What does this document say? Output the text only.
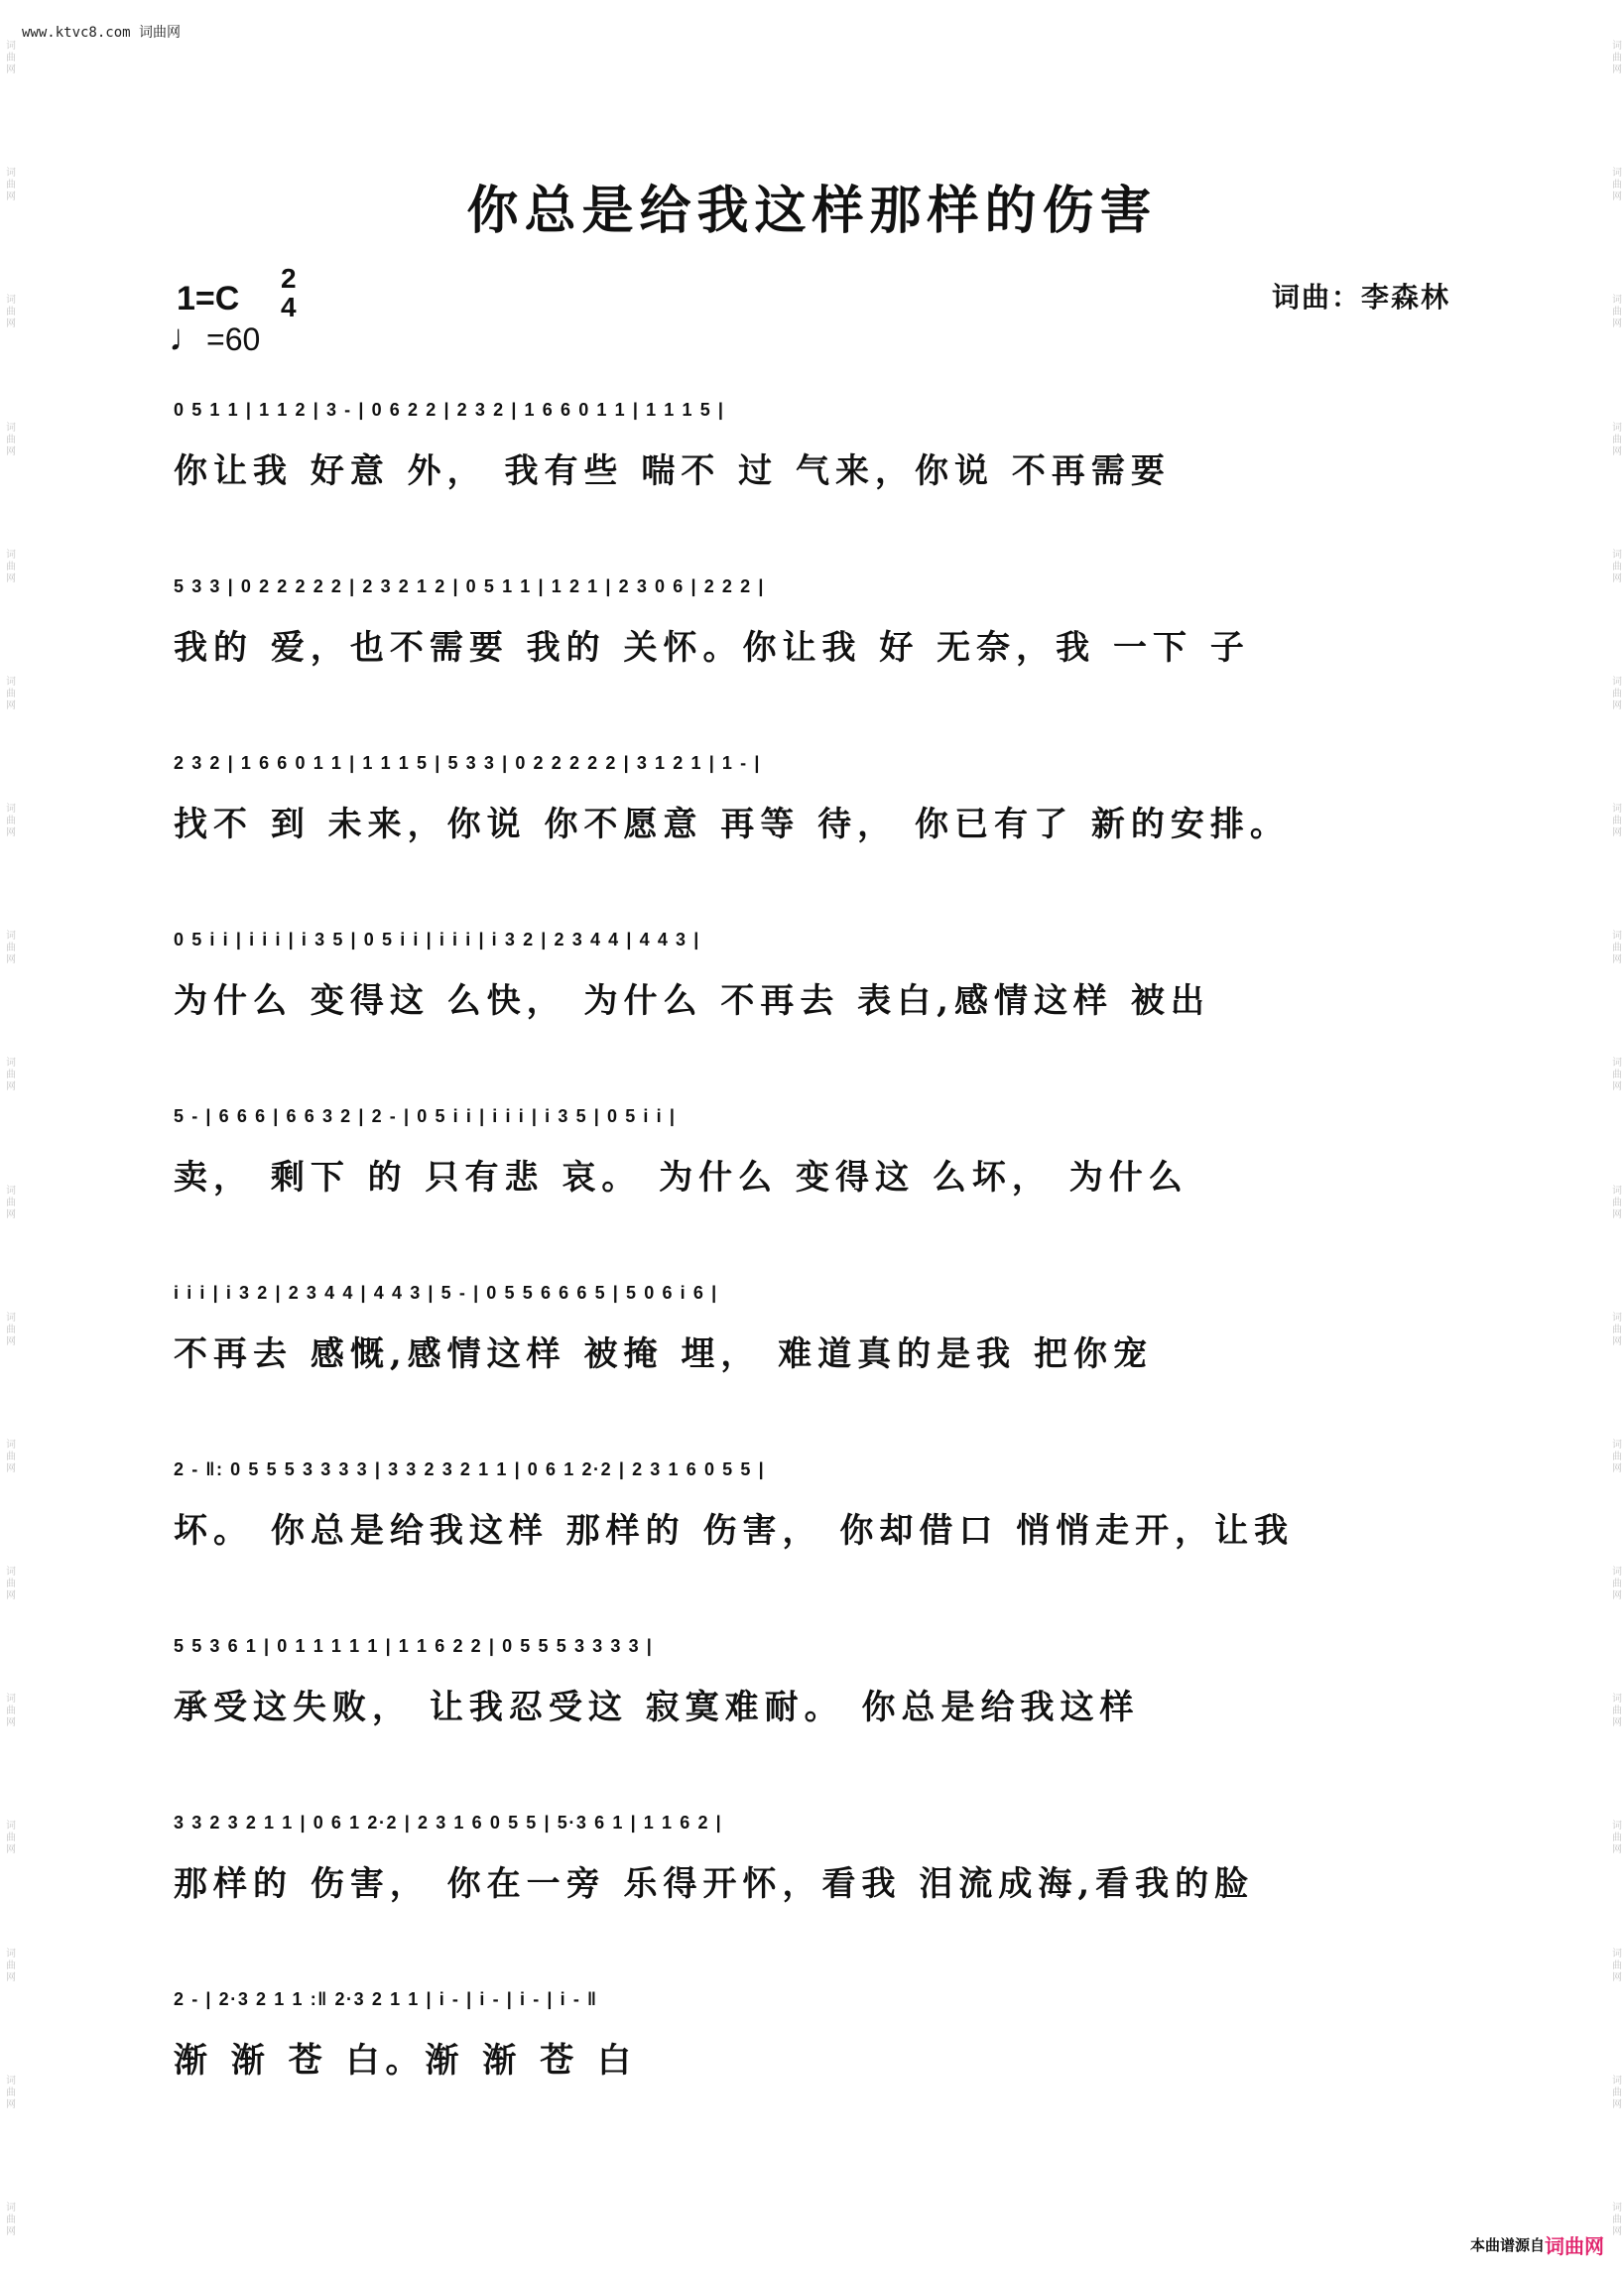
www.ktvc8.com 词曲网
词曲网
词曲网
词曲网
词曲网
词曲网
词曲网
词曲网
词曲网
词曲网
词曲网
词曲网
词曲网
词曲网
词曲网
词曲网
词曲网
词曲网
词曲网
词曲网
词曲网
词曲网
词曲网
词曲网
词曲网
词曲网
词曲网
词曲网
词曲网
词曲网
词曲网
词曲网
词曲网
词曲网
词曲网
词曲网
词曲网
你总是给我这样那样的伤害
1=C
2
4
♩=60
词曲：李森林
0 5 1 1 | 1 1 2 | 3 - | 0 6 2 2 | 2 3 2 | 1 6 6 0 1 1 | 1 1 1 5 |
你让我 好意 外， 我有些 喘不 过 气来，你说 不再需要
5 3 3 | 0 2 2 2 2 2 | 2 3 2 1 2 | 0 5 1 1 | 1 2 1 | 2 3 0 6 | 2 2 2 |
我的 爱，也不需要 我的 关怀。你让我 好 无奈，我 一下 子
2 3 2 | 1 6 6 0 1 1 | 1 1 1 5 | 5 3 3 | 0 2 2 2 2 2 | 3 1 2 1 | 1 - |
找不 到 未来，你说 你不愿意 再等 待， 你已有了 新的安排。
0 5 i i | i i i | i 3 5 | 0 5 i i | i i i | i 3 2 | 2 3 4 4 | 4 4 3 |
为什么 变得这 么快， 为什么 不再去 表白,感情这样 被出
5 - | 6 6 6 | 6 6 3 2 | 2 - | 0 5 i i | i i i | i 3 5 | 0 5 i i |
卖， 剩下 的 只有悲 哀。 为什么 变得这 么坏， 为什么
i i i | i 3 2 | 2 3 4 4 | 4 4 3 | 5 - | 0 5 5 6 6 6 5 | 5 0 6 i 6 |
不再去 感慨,感情这样 被掩 埋， 难道真的是我 把你宠
2 - ‖: 0 5 5 5 3 3 3 3 | 3 3 2 3 2 1 1 | 0 6 1 2·2 | 2 3 1 6 0 5 5 |
坏。 你总是给我这样 那样的 伤害， 你却借口 悄悄走开，让我
5 5 3 6 1 | 0 1 1 1 1 1 | 1 1 6 2 2 | 0 5 5 5 3 3 3 3 |
承受这失败， 让我忍受这 寂寞难耐。 你总是给我这样
3 3 2 3 2 1 1 | 0 6 1 2·2 | 2 3 1 6 0 5 5 | 5·3 6 1 | 1 1 6 2 |
那样的 伤害， 你在一旁 乐得开怀，看我 泪流成海,看我的脸
2 - | 2·3 2 1 1 :‖ 2·3 2 1 1 | i - | i - | i - | i - ‖
渐 渐 苍 白。渐 渐 苍 白
本曲谱源自 词曲网
